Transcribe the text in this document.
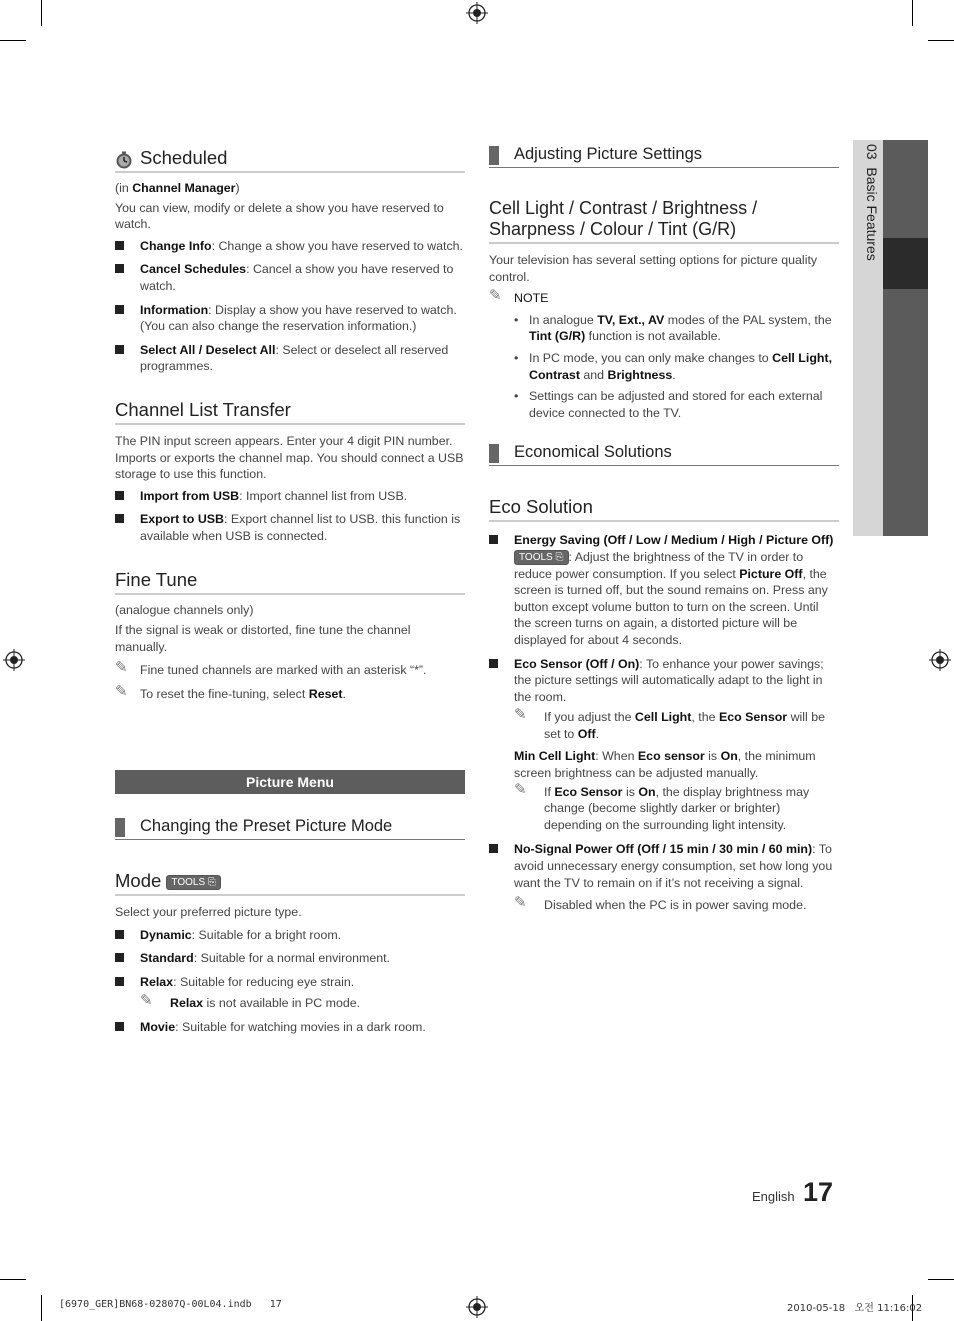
03  Basic Features
Scheduled

(in Channel Manager)

You can view, modify or delete a show you have reserved to watch.

Change Info: Change a show you have reserved to watch.
Cancel Schedules: Cancel a show you have reserved to watch.
Information: Display a show you have reserved to watch. (You can also change the reservation information.)
Select All / Deselect All: Select or deselect all reserved programmes.
Channel List Transfer

The PIN input screen appears. Enter your 4 digit PIN number. Imports or exports the channel map. You should connect a USB storage to use this function.

Import from USB: Import channel list from USB.
Export to USB: Export channel list to USB. this function is available when USB is connected.
Fine Tune

(analogue channels only)

If the signal is weak or distorted, fine tune the channel manually.

✎ Fine tuned channels are marked with an asterisk “*”.
✎ To reset the fine-tuning, select Reset.
Picture Menu
Changing the Preset Picture Mode
Mode TOOLS ⎘

Select your preferred picture type.

Dynamic: Suitable for a bright room.
Standard: Suitable for a normal environment.
Relax: Suitable for reducing eye strain.
✎ Relax is not available in PC mode.
Movie: Suitable for watching movies in a dark room.
Adjusting Picture Settings
Cell Light / Contrast / Brightness / Sharpness / Colour / Tint (G/R)

Your television has several setting options for picture quality control.

✎ NOTE
• In analogue TV, Ext., AV modes of the PAL system, the Tint (G/R) function is not available.
• In PC mode, you can only make changes to Cell Light, Contrast and Brightness.
• Settings can be adjusted and stored for each external device connected to the TV.
Economical Solutions
Eco Solution
Energy Saving (Off / Low / Medium / High / Picture Off) TOOLS ⎘ : Adjust the brightness of the TV in order to reduce power consumption. If you select Picture Off, the screen is turned off, but the sound remains on. Press any button except volume button to turn on the screen. Until the screen turns on again, a distorted picture will be displayed for about 4 seconds.
Eco Sensor (Off / On): To enhance your power savings; the picture settings will automatically adapt to the light in the room.
✎ If you adjust the Cell Light, the Eco Sensor will be set to Off.
Min Cell Light: When Eco sensor is On, the minimum screen brightness can be adjusted manually.
✎ If Eco Sensor is On, the display brightness may change (become slightly darker or brighter) depending on the surrounding light intensity.
No-Signal Power Off (Off / 15 min / 30 min / 60 min): To avoid unnecessary energy consumption, set how long you want the TV to remain on if it’s not receiving a signal.
✎ Disabled when the PC is in power saving mode.
English 17
[6970_GER]BN68-02807Q-00L04.indb   17	2010-05-18   오전 11:16:02
